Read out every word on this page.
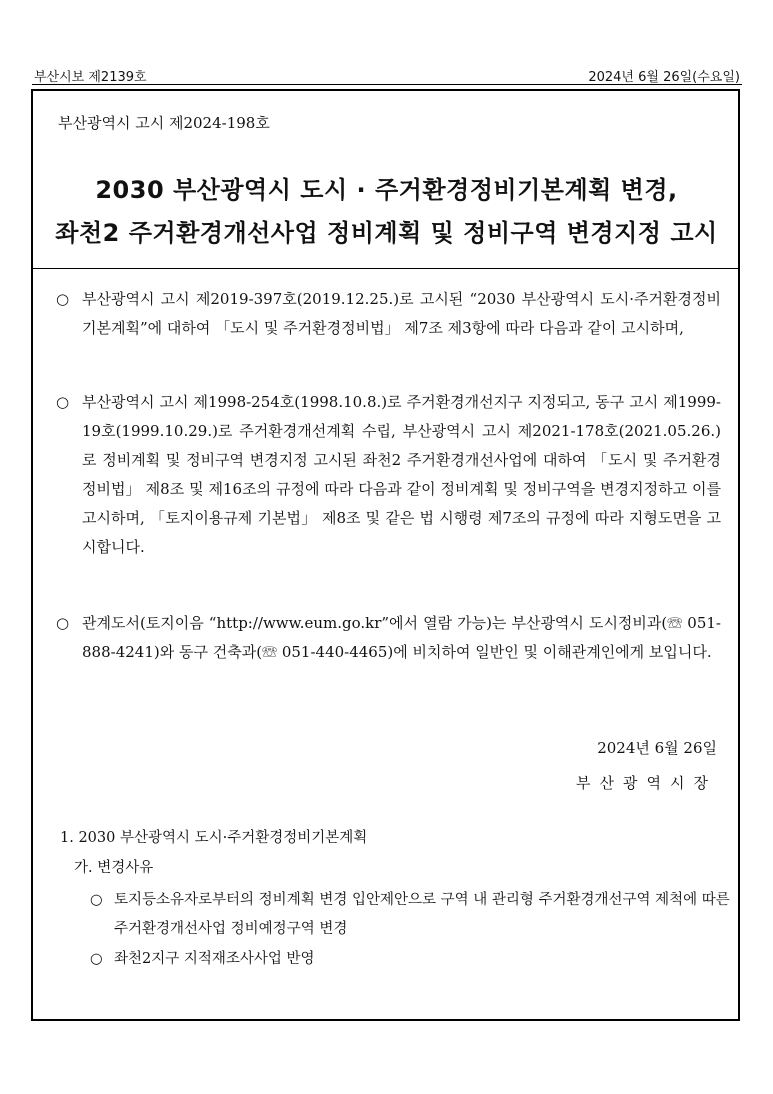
부산시보 제2139호	2024년 6월 26일(수요일)
부산광역시 고시 제2024-198호
2030 부산광역시 도시 · 주거환경정비기본계획 변경,
좌천2 주거환경개선사업 정비계획 및 정비구역 변경지정 고시
○ 부산광역시 고시 제2019-397호(2019.12.25.)로 고시된 “2030 부산광역시 도시·주거환경정비기본계획”에 대하여 「도시 및 주거환경정비법」 제7조 제3항에 따라 다음과 같이 고시하며,
○ 부산광역시 고시 제1998-254호(1998.10.8.)로 주거환경개선지구 지정되고, 동구 고시 제1999-19호(1999.10.29.)로 주거환경개선계획 수립, 부산광역시 고시 제2021-178호(2021.05.26.)로 정비계획 및 정비구역 변경지정 고시된 좌천2 주거환경개선사업에 대하여 「도시 및 주거환경정비법」 제8조 및 제16조의 규정에 따라 다음과 같이 정비계획 및 정비구역을 변경지정하고 이를 고시하며, 「토지이용규제 기본법」 제8조 및 같은 법 시행령 제7조의 규정에 따라 지형도면을 고시합니다.
○ 관계도서(토지이음 “http://www.eum.go.kr”에서 열람 가능)는 부산광역시 도시정비과(☏ 051-888-4241)와 동구 건축과(☏ 051-440-4465)에 비치하여 일반인 및 이해관계인에게 보입니다.
2024년 6월 26일
부산광역시장
1. 2030 부산광역시 도시·주거환경정비기본계획
가. 변경사유
○ 토지등소유자로부터의 정비계획 변경 입안제안으로 구역 내 관리형 주거환경개선구역 제척에 따른 주거환경개선사업 정비예정구역 변경
○ 좌천2지구 지적재조사사업 반영
